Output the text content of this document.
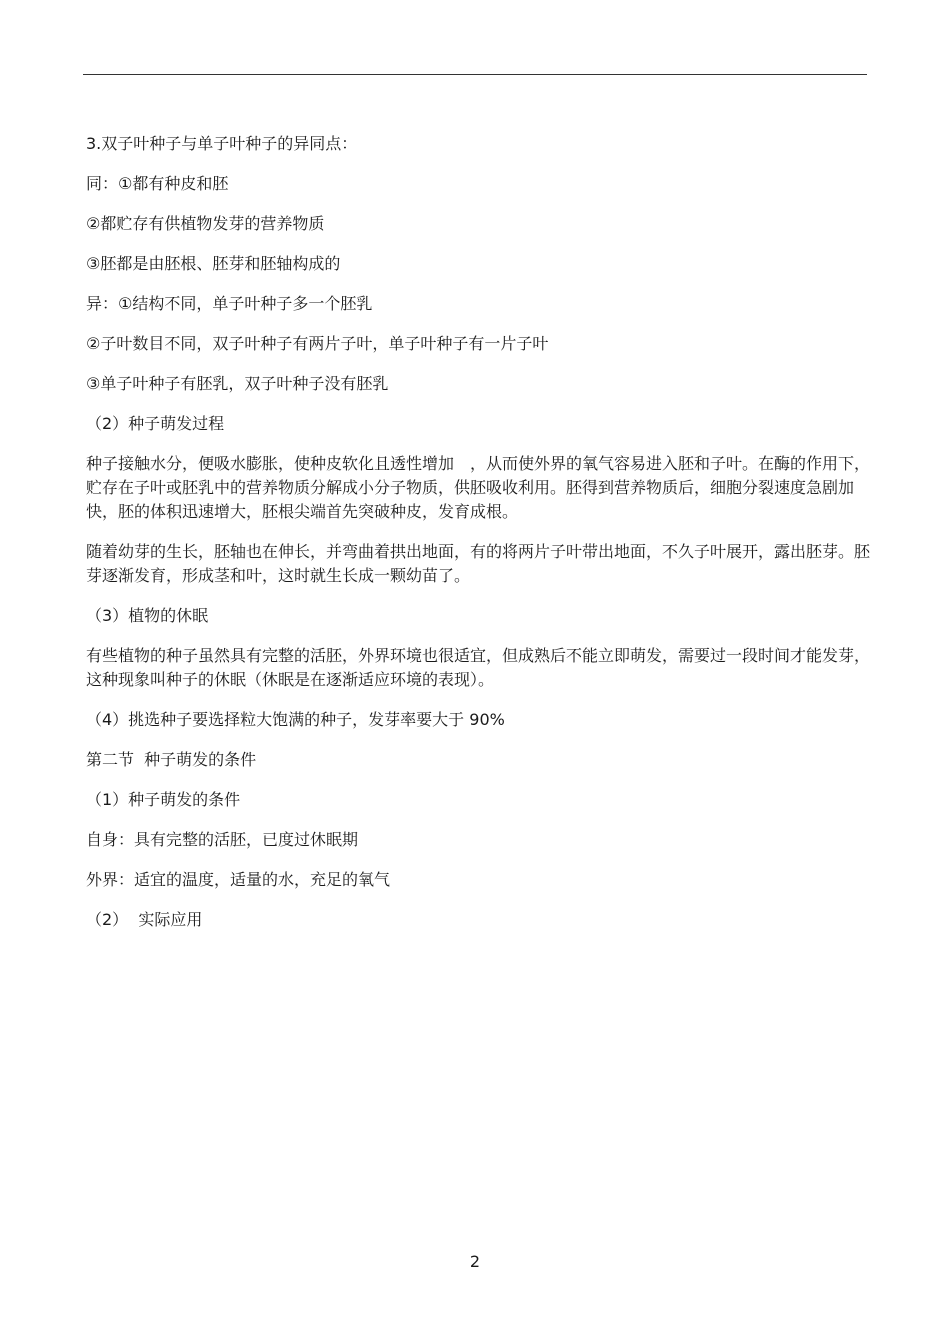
3.双子叶种子与单子叶种子的异同点：

同：①都有种皮和胚

②都贮存有供植物发芽的营养物质

③胚都是由胚根、胚芽和胚轴构成的

异：①结构不同，单子叶种子多一个胚乳

②子叶数目不同，双子叶种子有两片子叶，单子叶种子有一片子叶

③单子叶种子有胚乳，双子叶种子没有胚乳

（2）种子萌发过程

种子接触水分，便吸水膨胀，使种皮软化且透性增加　，从而使外界的氧气容易进入胚和子叶。在酶的作用下，贮存在子叶或胚乳中的营养物质分解成小分子物质，供胚吸收利用。胚得到营养物质后，细胞分裂速度急剧加快，胚的体积迅速增大，胚根尖端首先突破种皮，发育成根。

随着幼芽的生长，胚轴也在伸长，并弯曲着拱出地面，有的将两片子叶带出地面，不久子叶展开，露出胚芽。胚芽逐渐发育，形成茎和叶，这时就生长成一颗幼苗了。

（3）植物的休眠

有些植物的种子虽然具有完整的活胚，外界环境也很适宜，但成熟后不能立即萌发，需要过一段时间才能发芽，这种现象叫种子的休眠（休眠是在逐渐适应环境的表现）。

（4）挑选种子要选择粒大饱满的种子，发芽率要大于 90%

第二节  种子萌发的条件

（1）种子萌发的条件

自身：具有完整的活胚，已度过休眠期

外界：适宜的温度，适量的水，充足的氧气

（2）  实际应用

2
